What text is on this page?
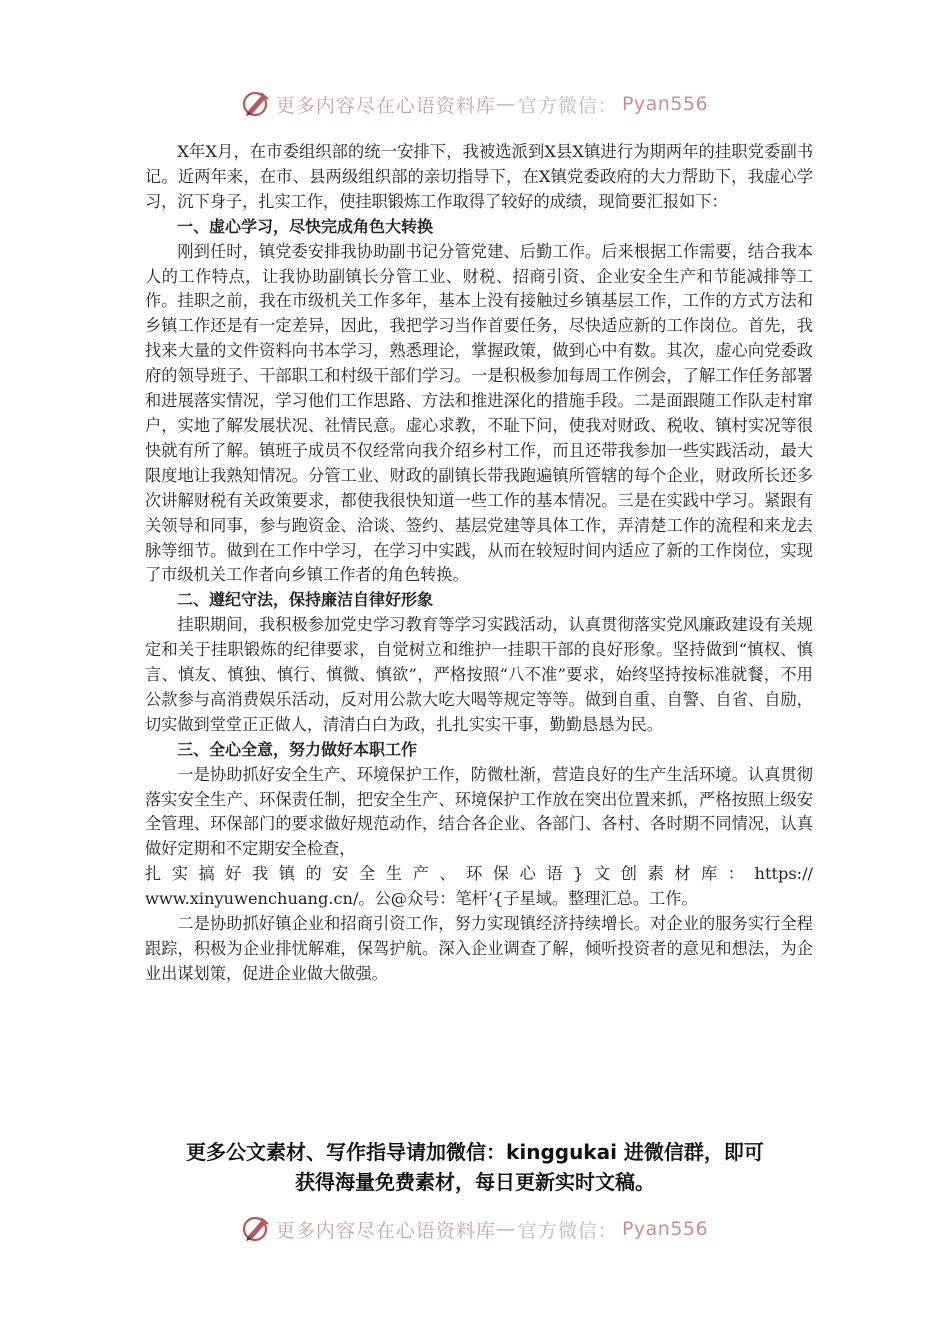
更多内容尽在心语资料库 — 官方微信： Pyan556

X年X月，在市委组织部的统一安排下，我被选派到X县X镇进行为期两年的挂职党委副书记。近两年来，在市、县两级组织部的亲切指导下，在X镇党委政府的大力帮助下，我虚心学习，沉下身子，扎实工作，使挂职锻炼工作取得了较好的成绩，现简要汇报如下：

一、虚心学习，尽快完成角色大转换

刚到任时，镇党委安排我协助副书记分管党建、后勤工作。后来根据工作需要，结合我本人的工作特点，让我协助副镇长分管工业、财税、招商引资、企业安全生产和节能减排等工作。挂职之前，我在市级机关工作多年，基本上没有接触过乡镇基层工作，工作的方式方法和乡镇工作还是有一定差异，因此，我把学习当作首要任务，尽快适应新的工作岗位。首先，我找来大量的文件资料向书本学习，熟悉理论，掌握政策，做到心中有数。其次，虚心向党委政府的领导班子、干部职工和村级干部们学习。一是积极参加每周工作例会，了解工作任务部署和进展落实情况，学习他们工作思路、方法和推进深化的措施手段。二是面跟随工作队走村窜户，实地了解发展状况、社情民意。虚心求教，不耻下问，使我对财政、税收、镇村实况等很快就有所了解。镇班子成员不仅经常向我介绍乡村工作，而且还带我参加一些实践活动，最大限度地让我熟知情况。分管工业、财政的副镇长带我跑遍镇所管辖的每个企业，财政所长还多次讲解财税有关政策要求，都使我很快知道一些工作的基本情况。三是在实践中学习。紧跟有关领导和同事，参与跑资金、洽谈、签约、基层党建等具体工作，弄清楚工作的流程和来龙去脉等细节。做到在工作中学习，在学习中实践，从而在较短时间内适应了新的工作岗位，实现了市级机关工作者向乡镇工作者的角色转换。

二、遵纪守法，保持廉洁自律好形象

挂职期间，我积极参加党史学习教育等学习实践活动，认真贯彻落实党风廉政建设有关规定和关于挂职锻炼的纪律要求，自觉树立和维护一挂职干部的良好形象。坚持做到“慎权、慎言、慎友、慎独、慎行、慎微、慎欲”，严格按照“八不准”要求，始终坚持按标准就餐，不用公款参与高消费娱乐活动，反对用公款大吃大喝等规定等等。做到自重、自警、自省、自励，切实做到堂堂正正做人，清清白白为政，扎扎实实干事，勤勤恳恳为民。

三、全心全意，努力做好本职工作

一是协助抓好安全生产、环境保护工作，防微杜渐，营造良好的生产生活环境。认真贯彻落实安全生产、环保责任制，把安全生产、环境保护工作放在突出位置来抓，严格按照上级安全管理、环保部门的要求做好规范动作，结合各企业、各部门、各村、各时期不同情况，认真做好定期和不定期安全检查，

扎实搞好我镇的安全生产、环保心语}文创素材库：https://

www.xinyuwenchuang.cn/。公@众号：笔杆’{子星域。整理汇总。工作。

二是协助抓好镇企业和招商引资工作，努力实现镇经济持续增长。对企业的服务实行全程跟踪，积极为企业排忧解难，保驾护航。深入企业调查了解，倾听投资者的意见和想法，为企业出谋划策，促进企业做大做强。

更多公文素材、写作指导请加微信：kinggukai 进微信群，即可
获得海量免费素材，每日更新实时文稿。
更多内容尽在心语资料库 — 官方微信： Pyan556
